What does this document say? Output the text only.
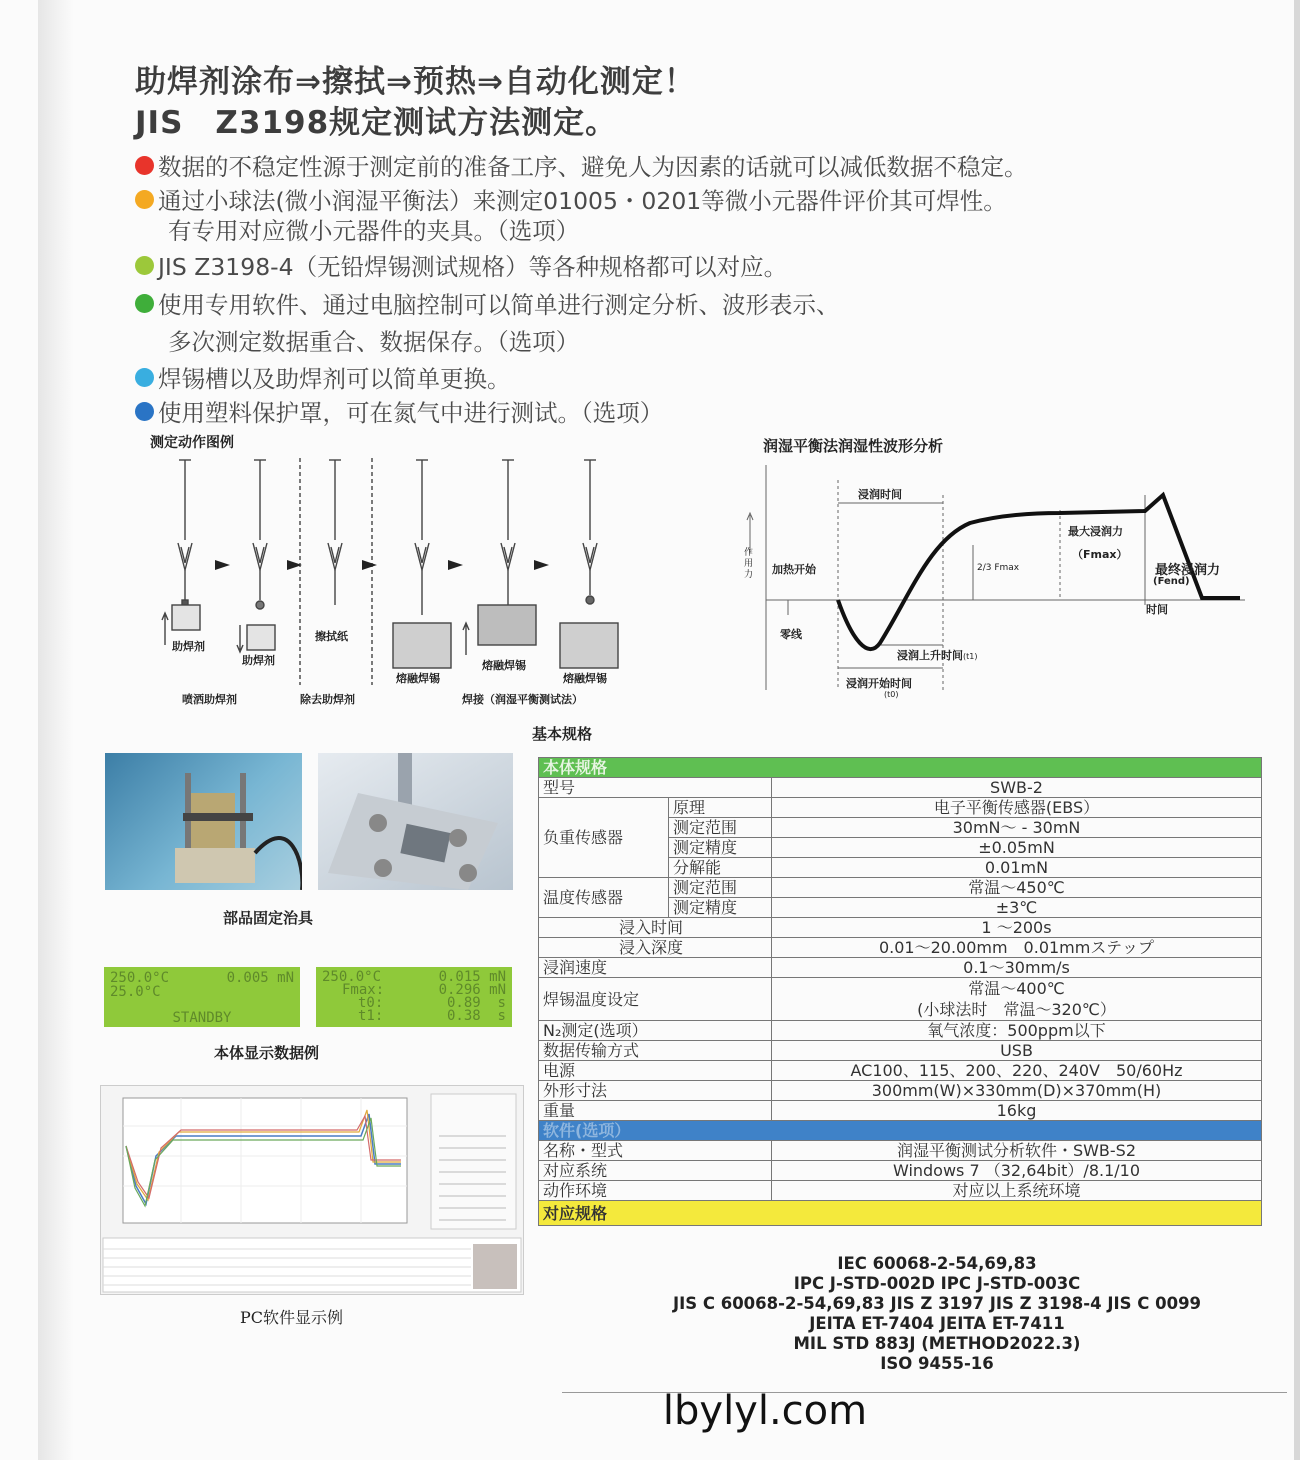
助焊剂涂布⇒擦拭⇒预热⇒自动化测定！
JIS　Z3198规定测试方法测定。
数据的不稳定性源于测定前的准备工序、避免人为因素的话就可以减低数据不稳定。
通过小球法(微小润湿平衡法）来测定01005・0201等微小元器件评价其可焊性。
有专用对应微小元器件的夹具。（选项）
JIS Z3198-4（无铅焊锡测试规格）等各种规格都可以对应。
使用专用软件、通过电脑控制可以简单进行测定分析、波形表示、
多次测定数据重合、数据保存。（选项）
焊锡槽以及助焊剂可以简单更换。
使用塑料保护罩，可在氮气中进行测试。（选项）
测定动作图例
助焊剂
助焊剂
擦拭纸
熔融焊锡
熔融焊锡
熔融焊锡
喷洒助焊剂	除去助焊剂	焊接（润湿平衡测试法）
润湿平衡法润湿性波形分析
作用力 加热开始
零线
浸润时间
最大浸润力
（Fmax）
2/3 Fmax	最终浸润力
(Fend)
时间
浸润上升时间(t1)
浸润开始时间
(t0)
部品固定治具
250.0°C	0.005 mN
25.0°C
STANDBY
250.0°C	0.015 mN
Fmax:	0.296 mN
t0:	0.89  s
t1:	0.38  s
本体显示数据例
PC软件显示例
基本规格
本体规格		
型号		SWB-2
负重传感器	原理	电子平衡传感器(EBS）
	测定范围	30mN～ - 30mN
	测定精度	±0.05mN
	分解能	0.01mN
温度传感器	测定范围	常温～450℃
	测定精度	±3℃
浸入时间		1 ～200s
浸入深度		0.01～20.00mm　0.01mmステップ
浸润速度		0.1～30mm/s
焊锡温度设定		常温～400℃
(小球法时　常温～320℃）

N₂测定(选项）		氧气浓度：500ppm以下
数据传输方式		USB
电源		AC100、115、200、220、240V　50/60Hz
外形寸法		300mm(W)×330mm(D)×370mm(H)
重量		16kg
软件(选项）		
名称・型式		润湿平衡测试分析软件・SWB-S2
对应系统		Windows 7 （32,64bit）/8.1/10
动作环境		对应以上系统环境
对应规格		
IEC 60068-2-54,69,83
IPC J-STD-002D IPC J-STD-003C
JIS C 60068-2-54,69,83 JIS Z 3197 JIS Z 3198-4 JIS C 0099
JEITA ET-7404 JEITA ET-7411
MIL STD 883J (METHOD2022.3)
ISO 9455-16
lbylyl.com
